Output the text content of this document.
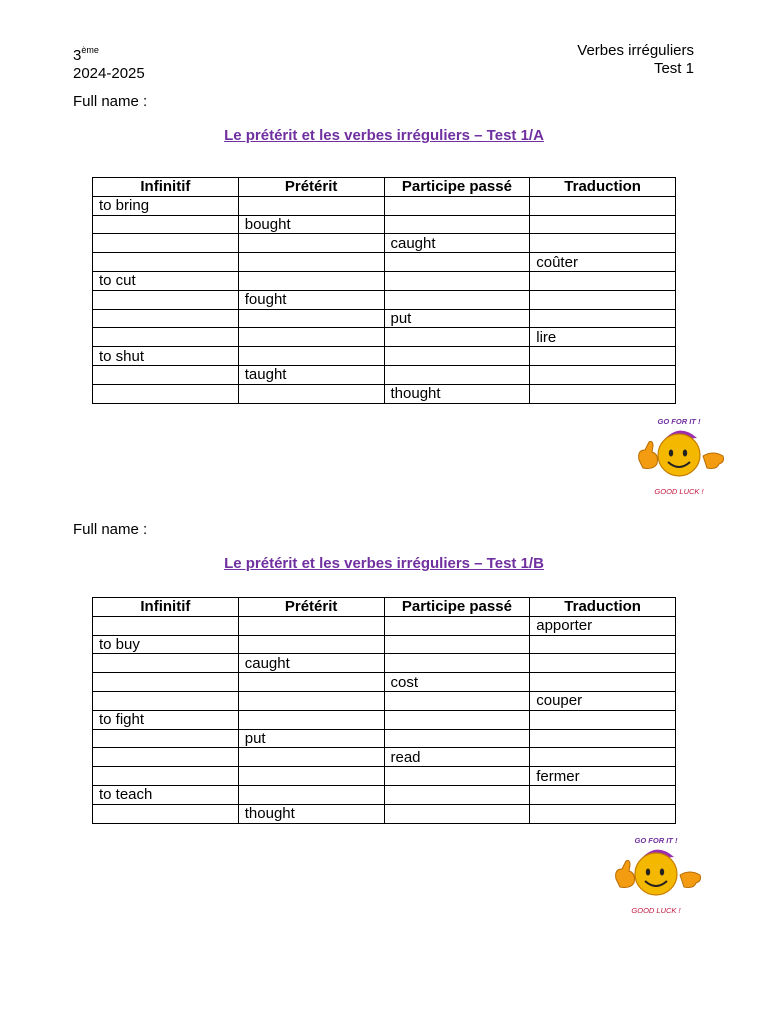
3ème
2024-2025
Verbes irréguliers
Test 1
Full name :
Le prétérit et les verbes irréguliers – Test 1/A
Infinitif	Prétérit	Participe passé	Traduction
to bring			
	bought		
		caught	
			coûter
to cut			
	fought		
		put	
			lire
to shut			
	taught		
		thought	
GO FOR IT !
GOOD LUCK !
Full name :
Le prétérit et les verbes irréguliers – Test 1/B
Infinitif	Prétérit	Participe passé	Traduction
			apporter
to buy			
	caught		
		cost	
			couper
to fight			
	put		
		read	
			fermer
to teach			
	thought		
GO FOR IT !
GOOD LUCK !
